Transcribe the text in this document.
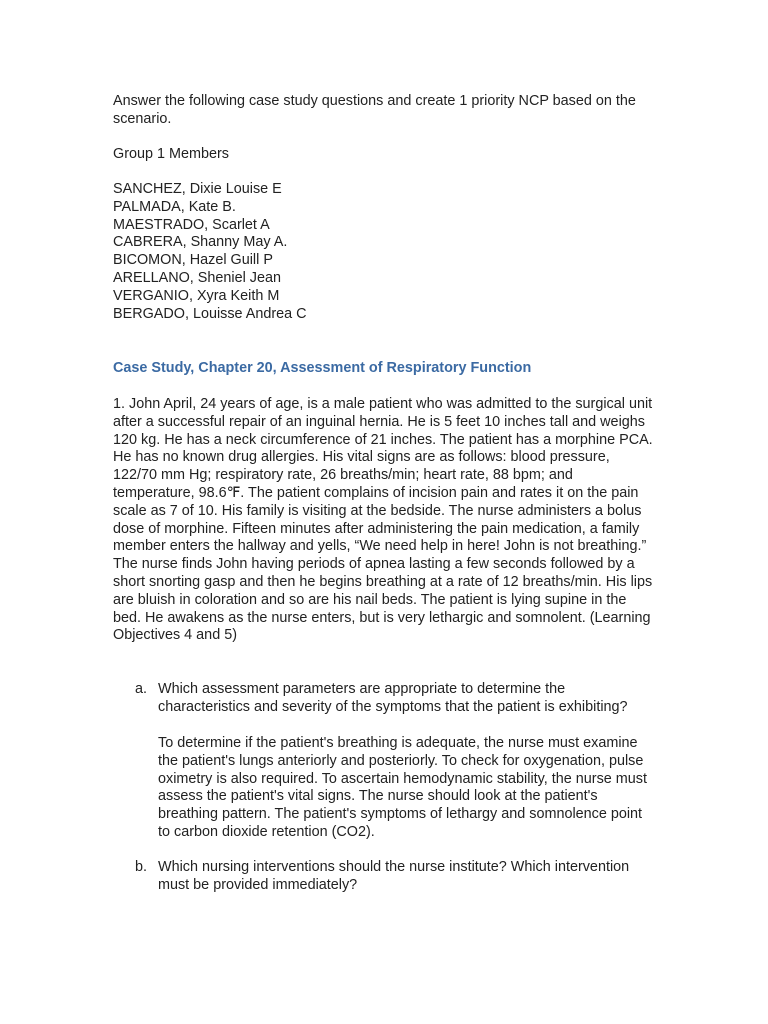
Answer the following case study questions and create 1 priority NCP based on the scenario.

Group 1 Members

SANCHEZ, Dixie Louise E
PALMADA, Kate B.
MAESTRADO, Scarlet A
CABRERA, Shanny May A.
BICOMON, Hazel Guill P
ARELLANO, Sheniel Jean
VERGANIO, Xyra Keith M
BERGADO, Louisse Andrea C

Case Study, Chapter 20, Assessment of Respiratory Function

1. John April, 24 years of age, is a male patient who was admitted to the surgical unit after a successful repair of an inguinal hernia. He is 5 feet 10 inches tall and weighs 120 kg. He has a neck circumference of 21 inches. The patient has a morphine PCA. He has no known drug allergies. His vital signs are as follows: blood pressure, 122/70 mm Hg; respiratory rate, 26 breaths/min; heart rate, 88 bpm; and temperature, 98.6℉. The patient complains of incision pain and rates it on the pain scale as 7 of 10. His family is visiting at the bedside. The nurse administers a bolus dose of morphine. Fifteen minutes after administering the pain medication, a family member enters the hallway and yells, “We need help in here! John is not breathing.” The nurse finds John having periods of apnea lasting a few seconds followed by a short snorting gasp and then he begins breathing at a rate of 12 breaths/min. His lips are bluish in coloration and so are his nail beds. The patient is lying supine in the bed. He awakens as the nurse enters, but is very lethargic and somnolent. (Learning Objectives 4 and 5)

a. Which assessment parameters are appropriate to determine the characteristics and severity of the symptoms that the patient is exhibiting?

To determine if the patient's breathing is adequate, the nurse must examine the patient's lungs anteriorly and posteriorly. To check for oxygenation, pulse oximetry is also required. To ascertain hemodynamic stability, the nurse must assess the patient's vital signs. The nurse should look at the patient's breathing pattern. The patient's symptoms of lethargy and somnolence point to carbon dioxide retention (CO2).

b. Which nursing interventions should the nurse institute? Which intervention must be provided immediately?
